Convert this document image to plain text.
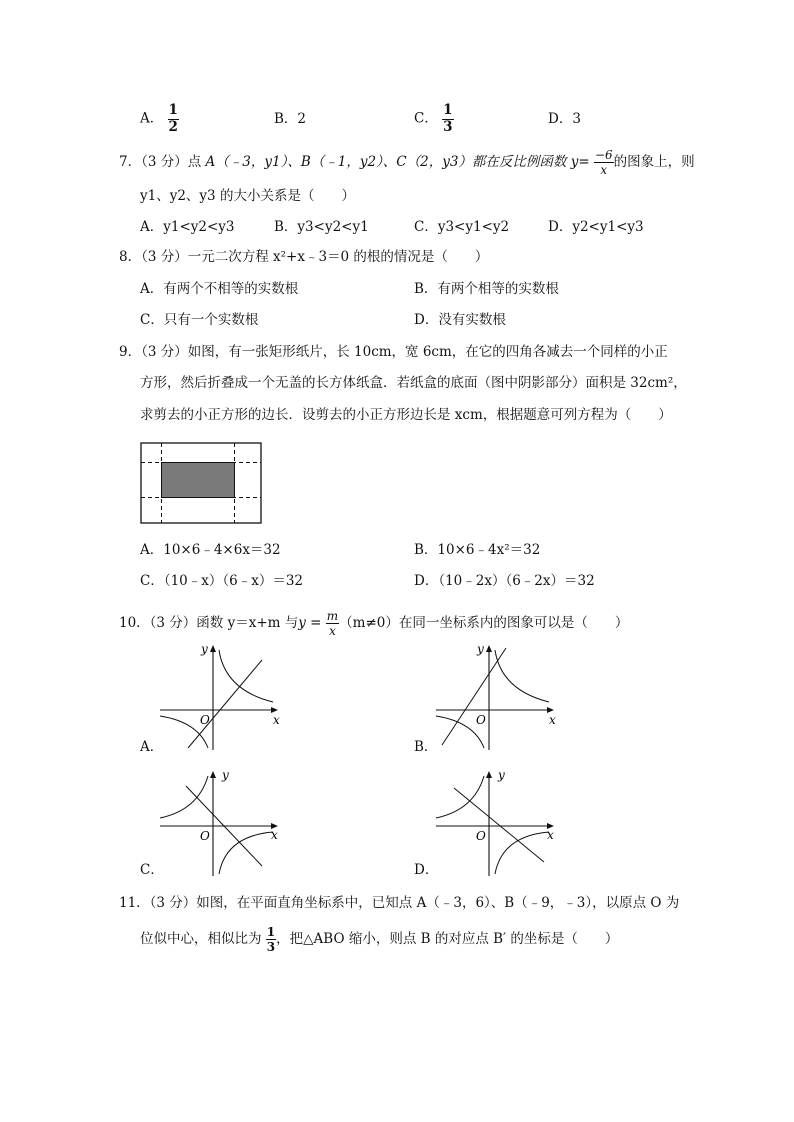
A． $\frac{1}{2}$	B．2	C． $\frac{1}{3}$	D．3
7．（3 分）点 A（﹣3，y1）、B（﹣1，y2）、C（2，y3）都在反比例函数 $y= \frac{-6}{x}$ 的图象上，则
y1、y2、y3 的大小关系是（　　）
A．y1<y2<y3	B．y3<y2<y1	C．y3<y1<y2	D．y2<y1<y3
8．（3 分）一元二次方程 x²+x﹣3＝0 的根的情况是（　　）
A．有两个不相等的实数根	B．有两个相等的实数根
C．只有一个实数根	D．没有实数根
9．（3 分）如图，有一张矩形纸片，长 10cm，宽 6cm，在它的四角各减去一个同样的小正
方形，然后折叠成一个无盖的长方体纸盒．若纸盒的底面（图中阴影部分）面积是 32cm²，
求剪去的小正方形的边长．设剪去的小正方形边长是 xcm，根据题意可列方程为（　　）
A．10×6﹣4×6x＝32	B．10×6﹣4x²＝32
C．（10﹣x）（6﹣x）＝32	D．（10﹣2x）（6﹣2x）＝32
10．（3 分）函数 y＝x+m 与$y = \frac{m}{x} (m\ne 0)$在同一坐标系内的图象可以是（　　）
y
x
O
A．
y
x
O
B．
y
x
O
C．
y
x
O
D．
11．（3 分）如图，在平面直角坐标系中，已知点 A（﹣3，6）、B（﹣9，﹣3），以原点 O 为
位似中心，相似比为 $\frac{1}{3}$ ，把△ABO 缩小，则点 B 的对应点 B′ 的坐标是（　　）
